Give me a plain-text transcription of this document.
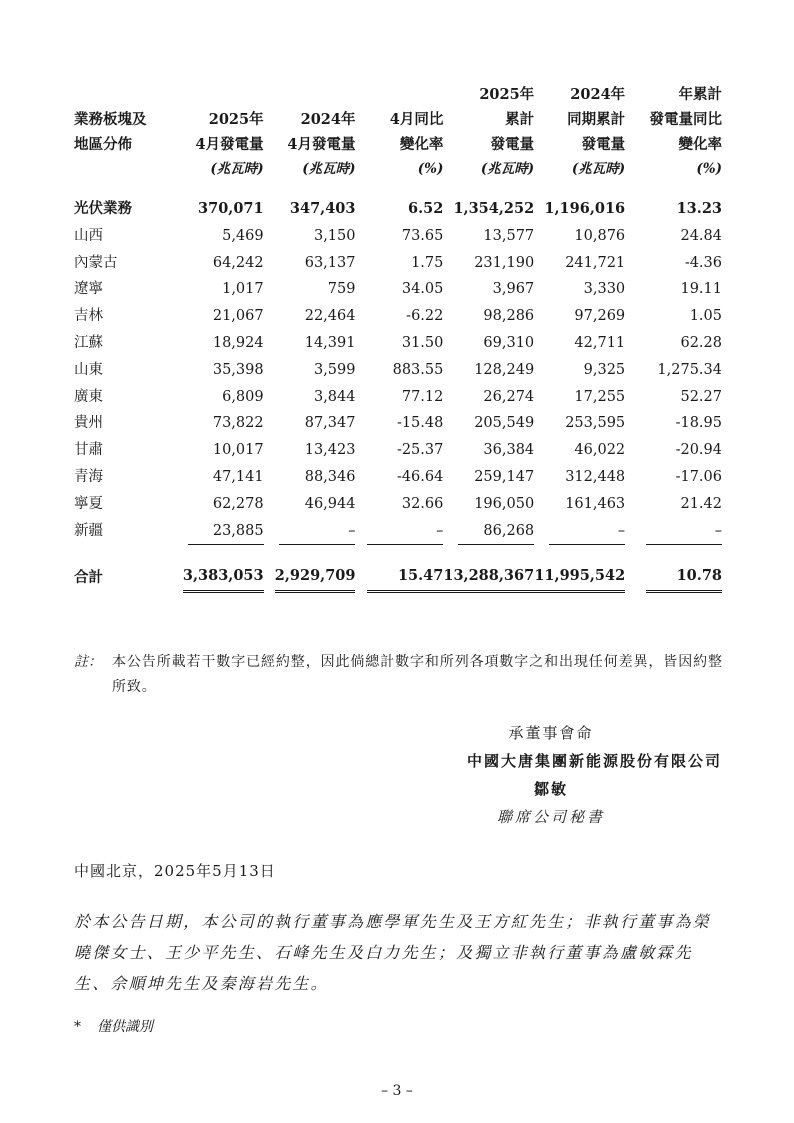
				2025年	2024年	年累計
業務板塊及	2025年	2024年	4月同比	累計	同期累計	發電量同比
地區分佈	4月發電量	4月發電量	變化率	發電量	發電量	變化率
	(兆瓦時)	(兆瓦時)	(%)	(兆瓦時)	(兆瓦時)	(%)

光伏業務	370,071	347,403	6.52	1,354,252	1,196,016	13.23
山西	5,469	3,150	73.65	13,577	10,876	24.84
內蒙古	64,242	63,137	1.75	231,190	241,721	-4.36
遼寧	1,017	759	34.05	3,967	3,330	19.11
吉林	21,067	22,464	-6.22	98,286	97,269	1.05
江蘇	18,924	14,391	31.50	69,310	42,711	62.28
山東	35,398	3,599	883.55	128,249	9,325	1,275.34
廣東	6,809	3,844	77.12	26,274	17,255	52.27
貴州	73,822	87,347	-15.48	205,549	253,595	-18.95
甘肅	10,017	13,423	-25.37	36,384	46,022	-20.94
青海	47,141	88,346	-46.64	259,147	312,448	-17.06
寧夏	62,278	46,944	32.66	196,050	161,463	21.42
新疆	23,885	–	–	86,268	–	–

合計	3,383,053	2,929,709	15.47	13,288,367	11,995,542	10.78
註： 本公告所載若干數字已經約整，因此倘總計數字和所列各項數字之和出現任何差異，皆因約整所致。
承董事會命
中國大唐集團新能源股份有限公司
鄒敏
聯席公司秘書
中國北京，2025年5月13日
於本公告日期，本公司的執行董事為應學軍先生及王方紅先生；非執行董事為榮曉傑女士、王少平先生、石峰先生及白力先生；及獨立非執行董事為盧敏霖先生、佘順坤先生及秦海岩先生。
* 僅供識別
– 3 –
